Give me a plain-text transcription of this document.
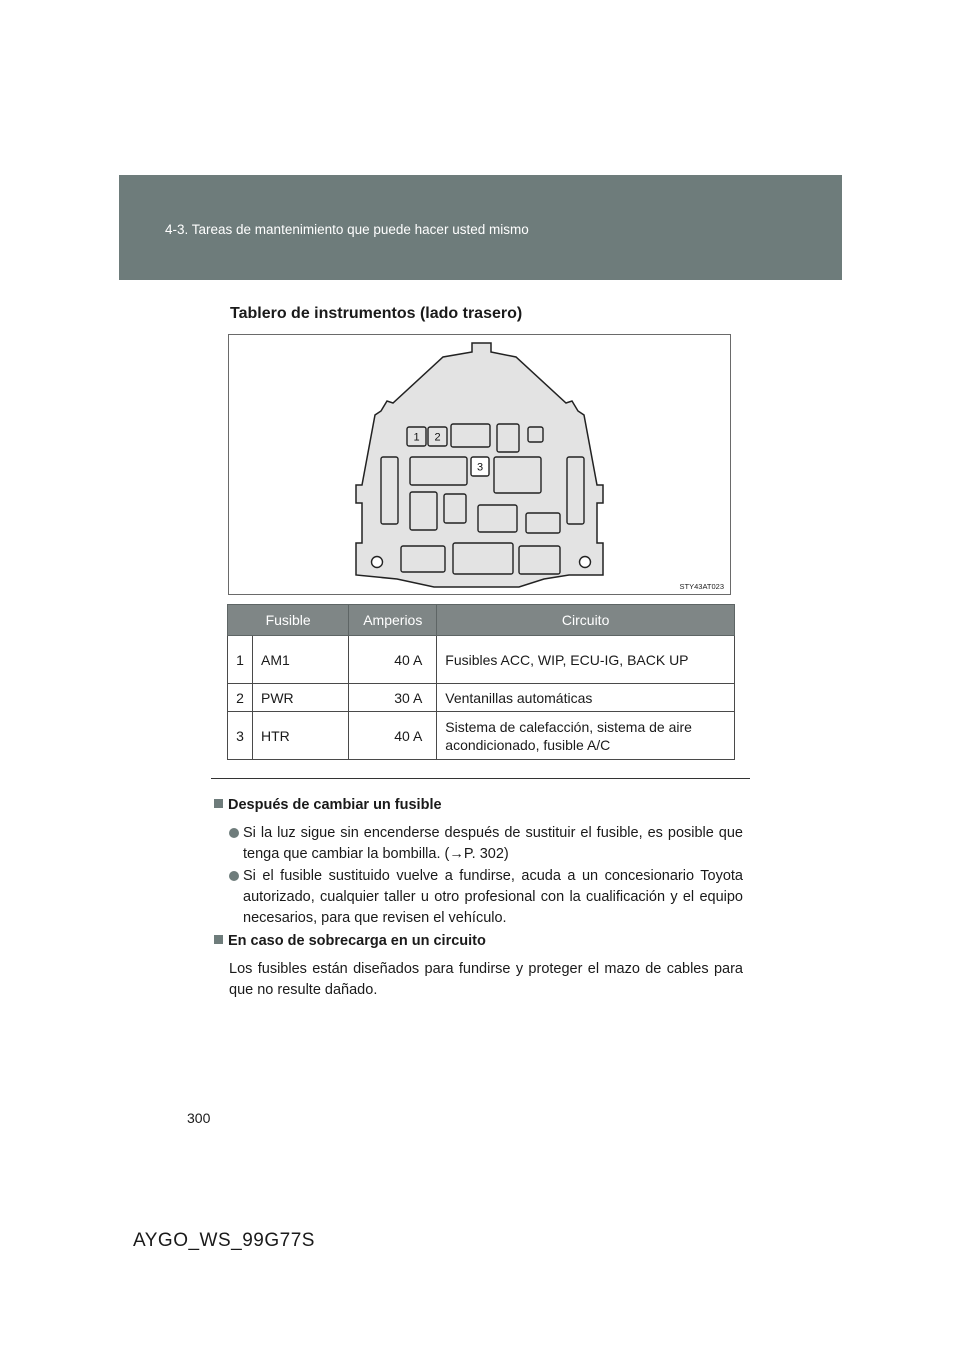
4-3. Tareas de mantenimiento que puede hacer usted mismo
Tablero de instrumentos (lado trasero)
1 2
3
STY43AT023
Fusible		Amperios	Circuito
1	AM1	40 A	Fusibles ACC, WIP, ECU-IG, BACK UP
2	PWR	30 A	Ventanillas automáticas
3	HTR	40 A	Sistema de calefacción, sistema de aire acondicionado, fusible A/C
Después de cambiar un fusible
Si la luz sigue sin encenderse después de sustituir el fusible, es posible que tenga que cambiar la bombilla. (→P. 302)
Si el fusible sustituido vuelve a fundirse, acuda a un concesionario Toyota autorizado, cualquier taller u otro profesional con la cualificación y el equipo necesarios, para que revisen el vehículo.
En caso de sobrecarga en un circuito
Los fusibles están diseñados para fundirse y proteger el mazo de cables para que no resulte dañado.
300
AYGO_WS_99G77S
